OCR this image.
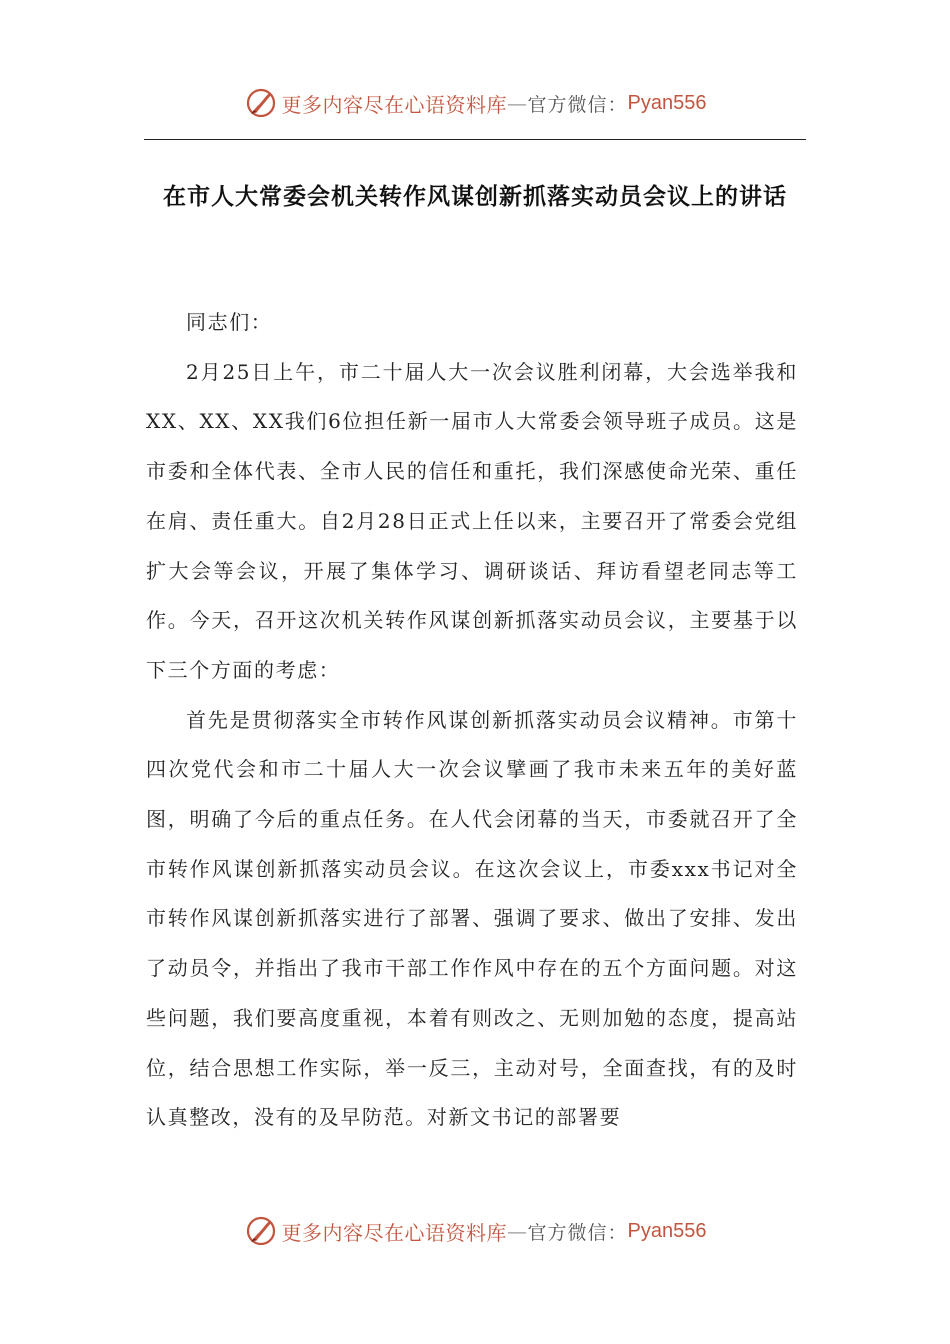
更多内容尽在心语资料库 — 官方微信： Pyan556
在市人大常委会机关转作风谋创新抓落实动员会议上的讲话

同志们：

2月25日上午，市二十届人大一次会议胜利闭幕，大会选举我和XX、XX、XX我们6位担任新一届市人大常委会领导班子成员。这是市委和全体代表、全市人民的信任和重托，我们深感使命光荣、重任在肩、责任重大。自2月28日正式上任以来，主要召开了常委会党组扩大会等会议，开展了集体学习、调研谈话、拜访看望老同志等工作。今天，召开这次机关转作风谋创新抓落实动员会议，主要基于以下三个方面的考虑：

首先是贯彻落实全市转作风谋创新抓落实动员会议精神。市第十四次党代会和市二十届人大一次会议擘画了我市未来五年的美好蓝图，明确了今后的重点任务。在人代会闭幕的当天，市委就召开了全市转作风谋创新抓落实动员会议。在这次会议上，市委xxx书记对全市转作风谋创新抓落实进行了部署、强调了要求、做出了安排、发出了动员令，并指出了我市干部工作作风中存在的五个方面问题。对这些问题，我们要高度重视，本着有则改之、无则加勉的态度，提高站位，结合思想工作实际，举一反三，主动对号，全面查找，有的及时认真整改，没有的及早防范。对新文书记的部署要

更多内容尽在心语资料库 — 官方微信： Pyan556
